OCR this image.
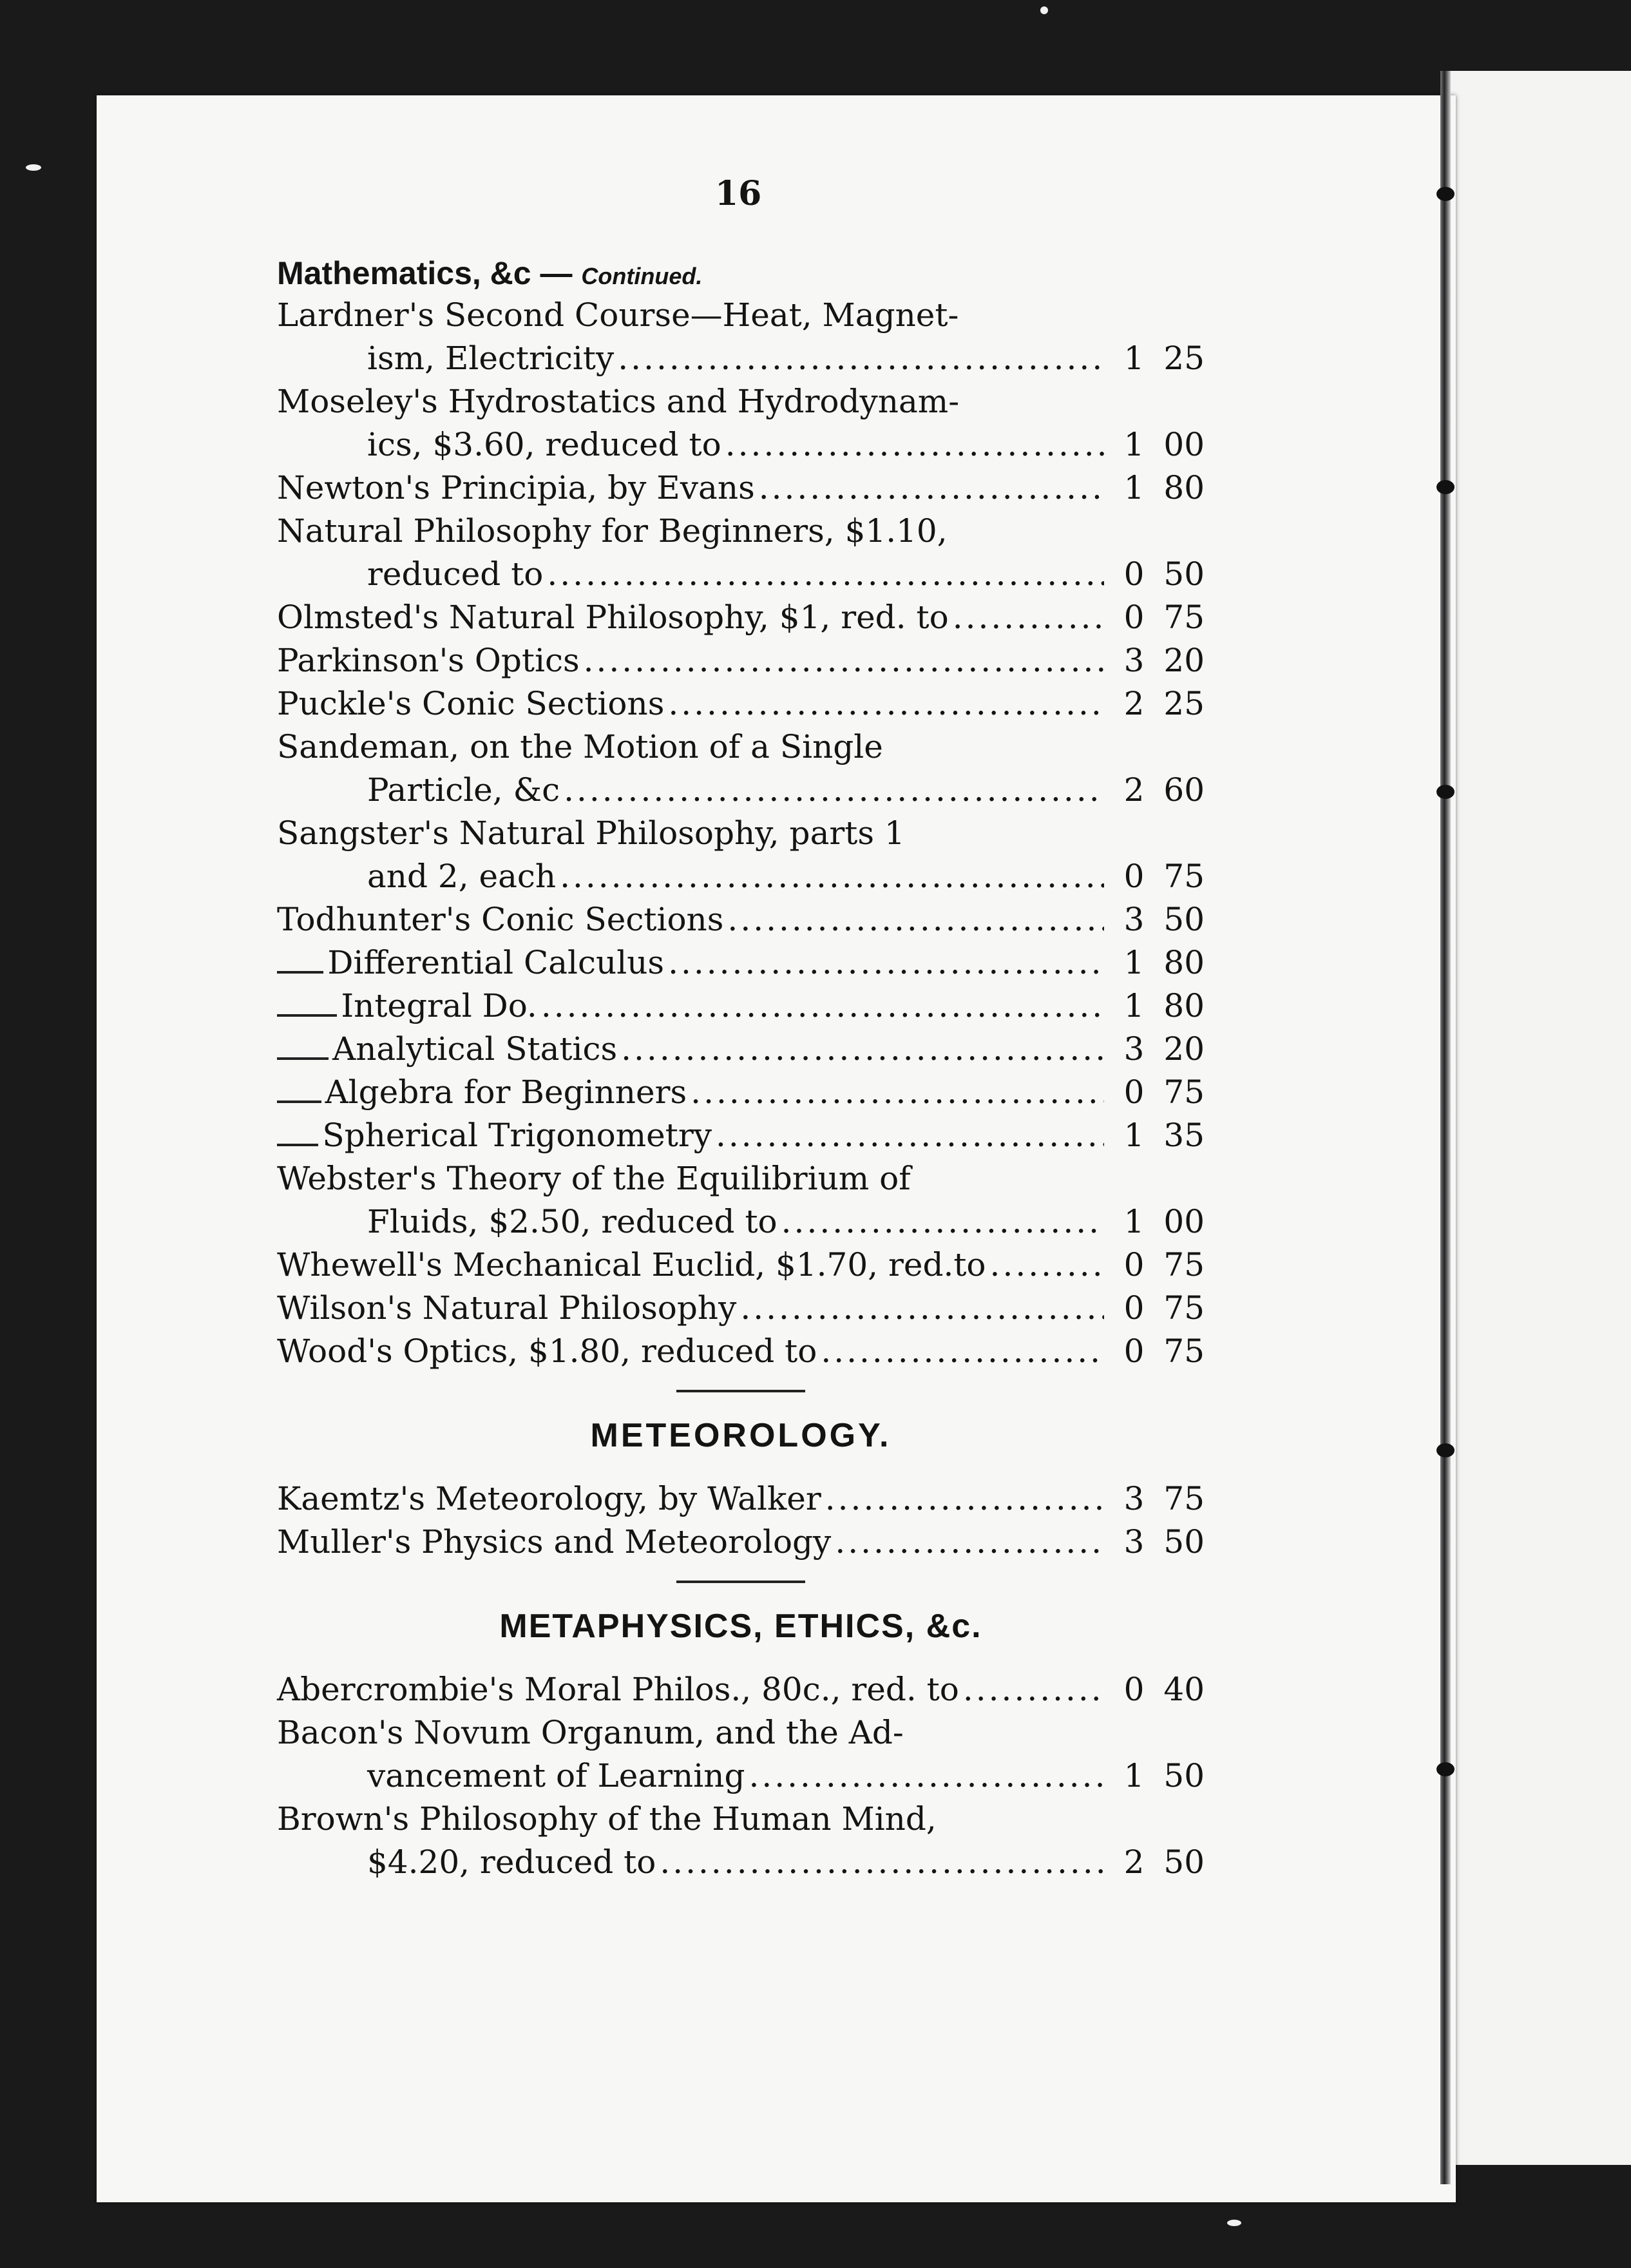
16
Mathematics, &c — Continued.
Lardner's Second Course—Heat, Magnet-
ism, Electricity .....	1 25
Moseley's Hydrostatics and Hydrodynam-
ics, $3.60, reduced to .....	1 00
Newton's Principia, by Evans .....	1 80
Natural Philosophy for Beginners, $1.10,
reduced to .....	0 50
Olmsted's Natural Philosophy, $1, red. to .....	0 75
Parkinson's Optics .....	3 20
Puckle's Conic Sections .....	2 25
Sandeman, on the Motion of a Single
Particle, &c .....	2 60
Sangster's Natural Philosophy, parts 1
and 2, each .....	0 75
Todhunter's Conic Sections .....	3 50
Differential Calculus .....	1 80
Integral Do. .....	1 80
Analytical Statics .....	3 20
Algebra for Beginners .....	0 75
Spherical Trigonometry .....	1 35
Webster's Theory of the Equilibrium of
Fluids, $2.50, reduced to .....	1 00
Whewell's Mechanical Euclid, $1.70, red.to .....	0 75
Wilson's Natural Philosophy .....	0 75
Wood's Optics, $1.80, reduced to .....	0 75
METEOROLOGY.
Kaemtz's Meteorology, by Walker .....	3 75
Muller's Physics and Meteorology .....	3 50
METAPHYSICS, ETHICS, &c.
Abercrombie's Moral Philos., 80c., red. to .....	0 40
Bacon's Novum Organum, and the Ad-
vancement of Learning .....	1 50
Brown's Philosophy of the Human Mind,
$4.20, reduced to .....	2 50
